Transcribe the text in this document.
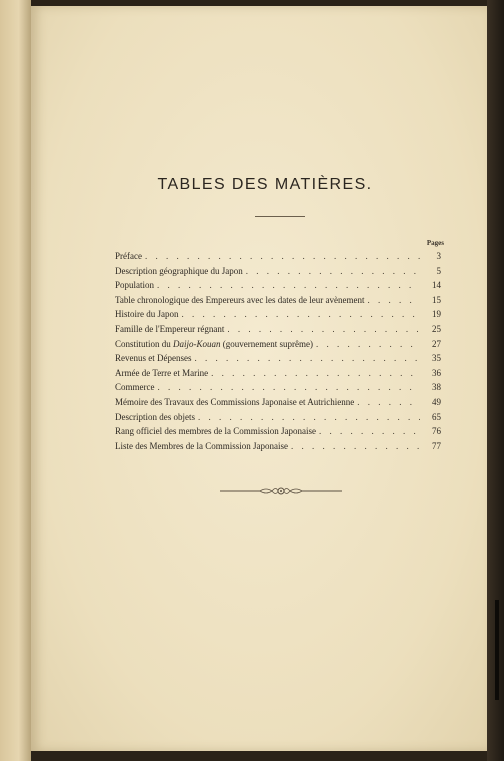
TABLES DES MATIÈRES.
Pages
Préface . . .	3
Description géographique du Japon . . .	5
Population . . .	14
Table chronologique des Empereurs avec les dates de leur avènement . . .	15
Histoire du Japon . . .	19
Famille de l'Empereur régnant . . .	25
Constitution du Daijo-Kouan (gouvernement suprême) . . .	27
Revenus et Dépenses . . .	35
Armée de Terre et Marine . . .	36
Commerce . . .	38
Mémoire des Travaux des Commissions Japonaise et Autrichienne . . .	49
Description des objets . . .	65
Rang officiel des membres de la Commission Japonaise . . .	76
Liste des Membres de la Commission Japonaise . . .	77
